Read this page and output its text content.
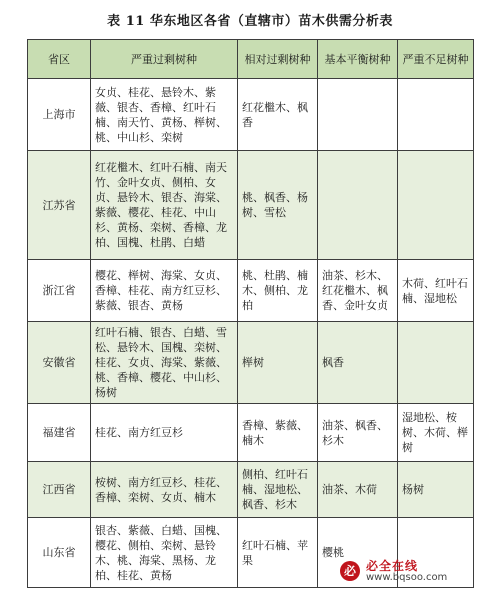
表 11 华东地区各省（直辖市）苗木供需分析表
省区	严重过剩树种	相对过剩树种	基本平衡树种	严重不足树种
上海市	女贞、桂花、悬铃木、紫薇、银杏、香樟、红叶石楠、南天竹、黄杨、榉树、桃、中山杉、栾树	红花檵木、枫香		
江苏省	红花檵木、红叶石楠、南天竹、金叶女贞、侧柏、女贞、悬铃木、银杏、海棠、紫薇、樱花、桂花、中山杉、黄杨、栾树、香樟、龙柏、国槐、杜鹃、白蜡	桃、枫香、杨树、雪松		
浙江省	樱花、榉树、海棠、女贞、香樟、桂花、南方红豆杉、紫薇、银杏、黄杨	桃、杜鹃、楠木、侧柏、龙柏	油茶、杉木、红花檵木、枫香、金叶女贞	木荷、红叶石楠、湿地松
安徽省	红叶石楠、银杏、白蜡、雪松、悬铃木、国槐、栾树、桂花、女贞、海棠、紫薇、桃、香樟、樱花、中山杉、杨树	榉树	枫香	
福建省	桂花、南方红豆杉	香樟、紫薇、楠木	油茶、枫香、杉木	湿地松、桉树、木荷、榉树
江西省	桉树、南方红豆杉、桂花、香樟、栾树、女贞、楠木	侧柏、红叶石楠、湿地松、枫香、杉木	油茶、木荷	杨树
山东省	银杏、紫薇、白蜡、国槐、樱花、侧柏、栾树、悬铃木、桃、海棠、黑杨、龙柏、桂花、黄杨	红叶石楠、苹果	樱桃	
必 必全在线
www.bqsoo.com
